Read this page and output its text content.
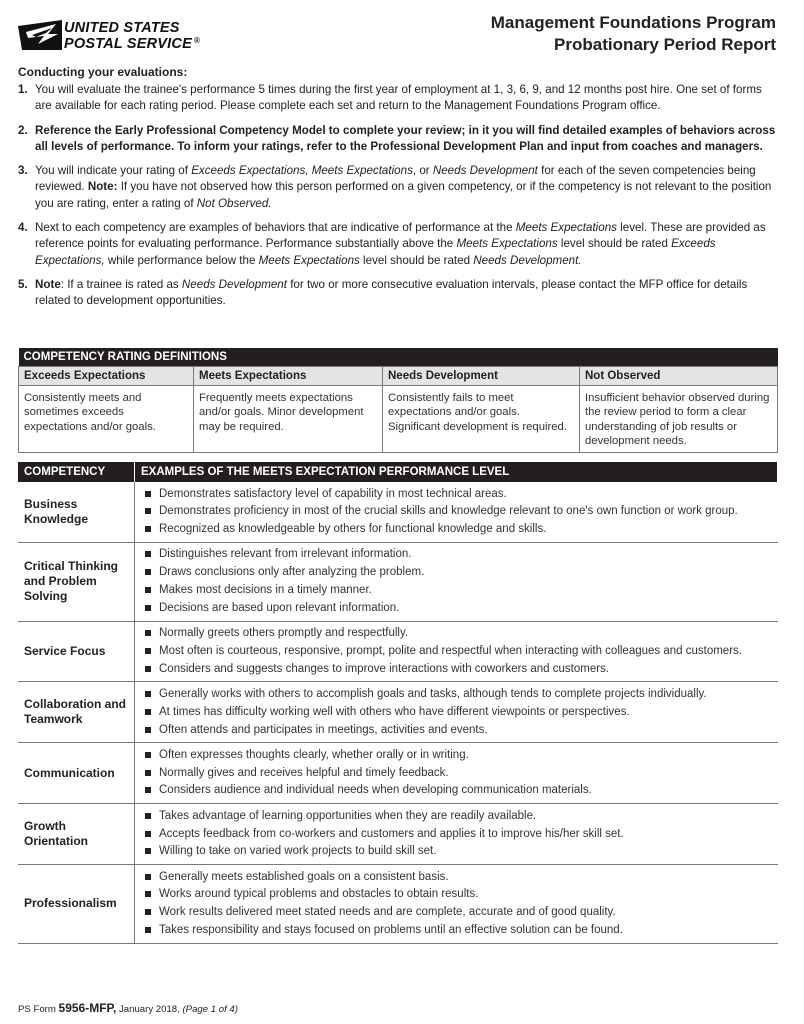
UNITED STATES
POSTAL SERVICE ®
Management Foundations Program
Probationary Period Report
Conducting your evaluations:
1. You will evaluate the trainee's performance 5 times during the first year of employment at 1, 3, 6, 9, and 12 months post hire. One set of forms are available for each rating period. Please complete each set and return to the Management Foundations Program office.
2. Reference the Early Professional Competency Model to complete your review; in it you will find detailed examples of behaviors across all levels of performance. To inform your ratings, refer to the Professional Development Plan and input from coaches and managers.
3. You will indicate your rating of Exceeds Expectations, Meets Expectations, or Needs Development for each of the seven competencies being reviewed. Note: If you have not observed how this person performed on a given competency, or if the competency is not relevant to the position you are rating, enter a rating of Not Observed.
4. Next to each competency are examples of behaviors that are indicative of performance at the Meets Expectations level. These are provided as reference points for evaluating performance. Performance substantially above the Meets Expectations level should be rated Exceeds Expectations, while performance below the Meets Expectations level should be rated Needs Development.
5. Note: If a trainee is rated as Needs Development for two or more consecutive evaluation intervals, please contact the MFP office for details related to development opportunities.
COMPETENCY RATING DEFINITIONS			
Exceeds Expectations	Meets Expectations	Needs Development	Not Observed
Consistently meets and sometimes exceeds expectations and/or goals.	Frequently meets expectations and/or goals. Minor development may be required.	Consistently fails to meet expectations and/or goals. Significant development is required.	Insufficient behavior observed during the review period to form a clear understanding of job results or development needs.
COMPETENCY	EXAMPLES OF THE MEETS EXPECTATION PERFORMANCE LEVEL
Business Knowledge	Demonstrates satisfactory level of capability in most technical areas.
Demonstrates proficiency in most of the crucial skills and knowledge relevant to one's own function or work group.
Recognized as knowledgeable by others for functional knowledge and skills.

Critical Thinking and Problem Solving	Distinguishes relevant from irrelevant information.
Draws conclusions only after analyzing the problem.
Makes most decisions in a timely manner.
Decisions are based upon relevant information.

Service Focus	Normally greets others promptly and respectfully.
Most often is courteous, responsive, prompt, polite and respectful when interacting with colleagues and customers.
Considers and suggests changes to improve interactions with coworkers and customers.

Collaboration and Teamwork	Generally works with others to accomplish goals and tasks, although tends to complete projects individually.
At times has difficulty working well with others who have different viewpoints or perspectives.
Often attends and participates in meetings, activities and events.

Communication	Often expresses thoughts clearly, whether orally or in writing.
Normally gives and receives helpful and timely feedback.
Considers audience and individual needs when developing communication materials.

Growth Orientation	Takes advantage of learning opportunities when they are readily available.
Accepts feedback from co-workers and customers and applies it to improve his/her skill set.
Willing to take on varied work projects to build skill set.

Professionalism	Generally meets established goals on a consistent basis.
Works around typical problems and obstacles to obtain results.
Work results delivered meet stated needs and are complete, accurate and of good quality.
Takes responsibility and stays focused on problems until an effective solution can be found.
PS Form 5956-MFP, January 2018, (Page 1 of 4)
